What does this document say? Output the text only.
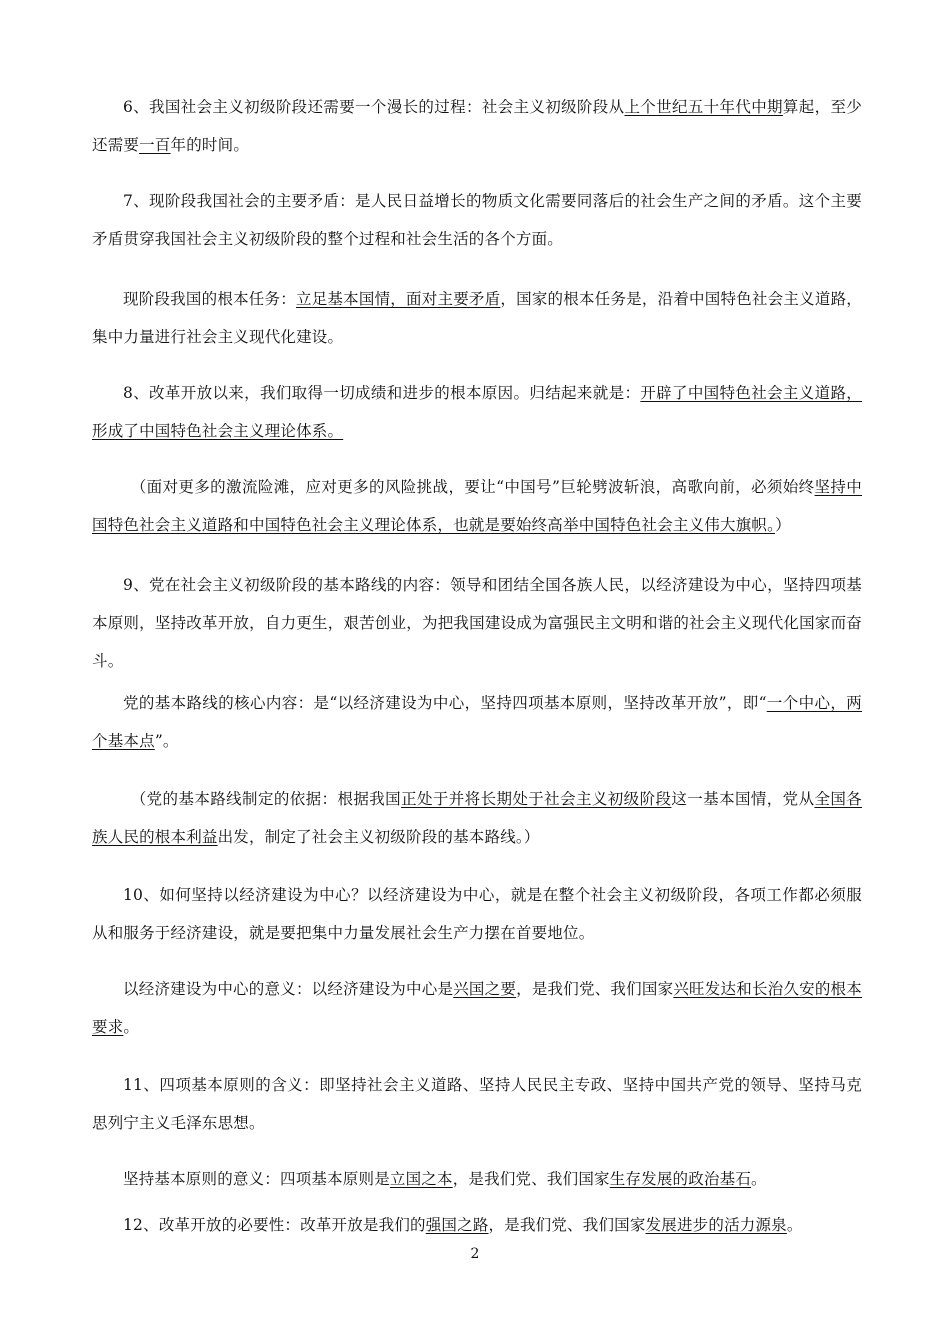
6、我国社会主义初级阶段还需要一个漫长的过程：社会主义初级阶段从上个世纪五十年代中期算起，至少还需要一百年的时间。
7、现阶段我国社会的主要矛盾：是人民日益增长的物质文化需要同落后的社会生产之间的矛盾。这个主要矛盾贯穿我国社会主义初级阶段的整个过程和社会生活的各个方面。
现阶段我国的根本任务：立足基本国情，面对主要矛盾，国家的根本任务是，沿着中国特色社会主义道路，集中力量进行社会主义现代化建设。
8、改革开放以来，我们取得一切成绩和进步的根本原因。归结起来就是：开辟了中国特色社会主义道路，形成了中国特色社会主义理论体系。
（面对更多的激流险滩，应对更多的风险挑战，要让“中国号”巨轮劈波斩浪，高歌向前，必须始终坚持中国特色社会主义道路和中国特色社会主义理论体系，也就是要始终高举中国特色社会主义伟大旗帜。）
9、党在社会主义初级阶段的基本路线的内容：领导和团结全国各族人民，以经济建设为中心，坚持四项基本原则，坚持改革开放，自力更生，艰苦创业，为把我国建设成为富强民主文明和谐的社会主义现代化国家而奋斗。
党的基本路线的核心内容：是“以经济建设为中心，坚持四项基本原则，坚持改革开放”，即“一个中心，两个基本点”。
（党的基本路线制定的依据：根据我国正处于并将长期处于社会主义初级阶段这一基本国情，党从全国各族人民的根本利益出发，制定了社会主义初级阶段的基本路线。）
10、如何坚持以经济建设为中心？以经济建设为中心，就是在整个社会主义初级阶段，各项工作都必须服从和服务于经济建设，就是要把集中力量发展社会生产力摆在首要地位。
以经济建设为中心的意义：以经济建设为中心是兴国之要，是我们党、我们国家兴旺发达和长治久安的根本要求。
11、四项基本原则的含义：即坚持社会主义道路、坚持人民民主专政、坚持中国共产党的领导、坚持马克思列宁主义毛泽东思想。
坚持基本原则的意义：四项基本原则是立国之本，是我们党、我们国家生存发展的政治基石。
12、改革开放的必要性：改革开放是我们的强国之路，是我们党、我们国家发展进步的活力源泉。
2
